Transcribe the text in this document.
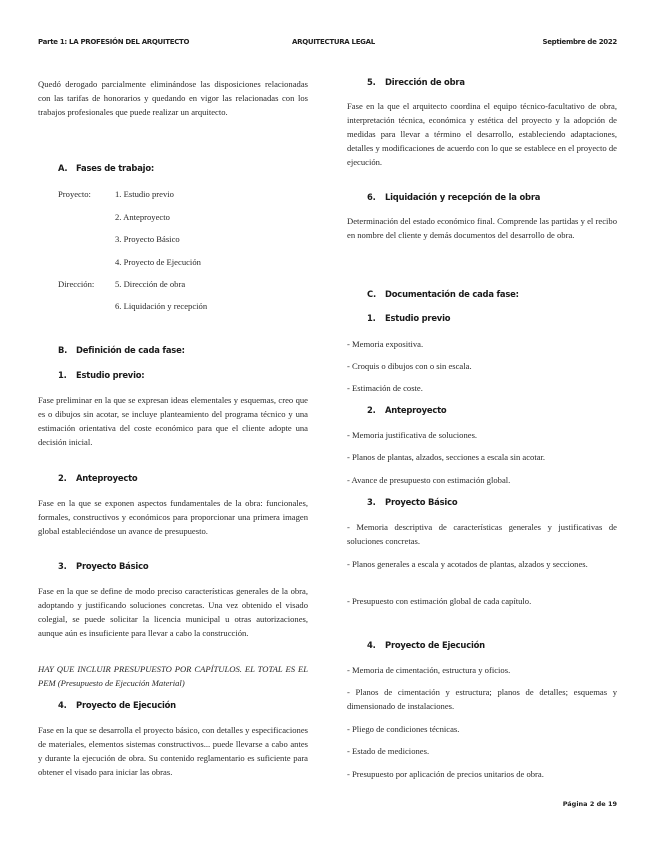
Parte 1: LA PROFESIÓN DEL ARQUITECTO	ARQUITECTURA LEGAL	Septiembre de 2022
Quedó derogado parcialmente eliminándose las disposiciones relacionadas con las tarifas de honorarios y quedando en vigor las relacionadas con los trabajos profesionales que puede realizar un arquitecto.
A. Fases de trabajo:
Proyecto:	1. Estudio previo
2. Anteproyecto
3. Proyecto Básico
4. Proyecto de Ejecución
Dirección: 5. Dirección de obra
6. Liquidación y recepción
B. Definición de cada fase:
1. Estudio previo:
Fase preliminar en la que se expresan ideas elementales y esquemas, creo que es o dibujos sin acotar, se incluye planteamiento del programa técnico y una estimación orientativa del coste económico para que el cliente adopte una decisión inicial.
2. Anteproyecto
Fase en la que se exponen aspectos fundamentales de la obra: funcionales, formales, constructivos y económicos para proporcionar una primera imagen global estableciéndose un avance de presupuesto.
3. Proyecto Básico
Fase en la que se define de modo preciso características generales de la obra, adoptando y justificando soluciones concretas. Una vez obtenido el visado colegial, se puede solicitar la licencia municipal u otras autorizaciones, aunque aún es insuficiente para llevar a cabo la construcción.
HAY QUE INCLUIR PRESUPUESTO POR CAPÍTULOS. EL TOTAL ES EL PEM (Presupuesto de Ejecución Material)
4. Proyecto de Ejecución
Fase en la que se desarrolla el proyecto básico, con detalles y especificaciones de materiales, elementos sistemas constructivos... puede llevarse a cabo antes y durante la ejecución de obra. Su contenido reglamentario es suficiente para obtener el visado para iniciar las obras.
5. Dirección de obra
Fase en la que el arquitecto coordina el equipo técnico-facultativo de obra, interpretación técnica, económica y estética del proyecto y la adopción de medidas para llevar a término el desarrollo, estableciendo adaptaciones, detalles y modificaciones de acuerdo con lo que se establece en el proyecto de ejecución.
6. Liquidación y recepción de la obra
Determinación del estado económico final. Comprende las partidas y el recibo en nombre del cliente y demás documentos del desarrollo de obra.
C. Documentación de cada fase:
1. Estudio previo
- Memoria expositiva.
- Croquis o dibujos con o sin escala.
- Estimación de coste.
2. Anteproyecto
- Memoria justificativa de soluciones.
- Planos de plantas, alzados, secciones a escala sin acotar.
- Avance de presupuesto con estimación global.
3. Proyecto Básico
- Memoria descriptiva de características generales y justificativas de soluciones concretas.
- Planos generales a escala y acotados de plantas, alzados y secciones.
- Presupuesto con estimación global de cada capítulo.
4. Proyecto de Ejecución
- Memoria de cimentación, estructura y oficios.
- Planos de cimentación y estructura; planos de detalles; esquemas y dimensionado de instalaciones.
- Pliego de condiciones técnicas.
- Estado de mediciones.
- Presupuesto por aplicación de precios unitarios de obra.
Página 2 de 19
